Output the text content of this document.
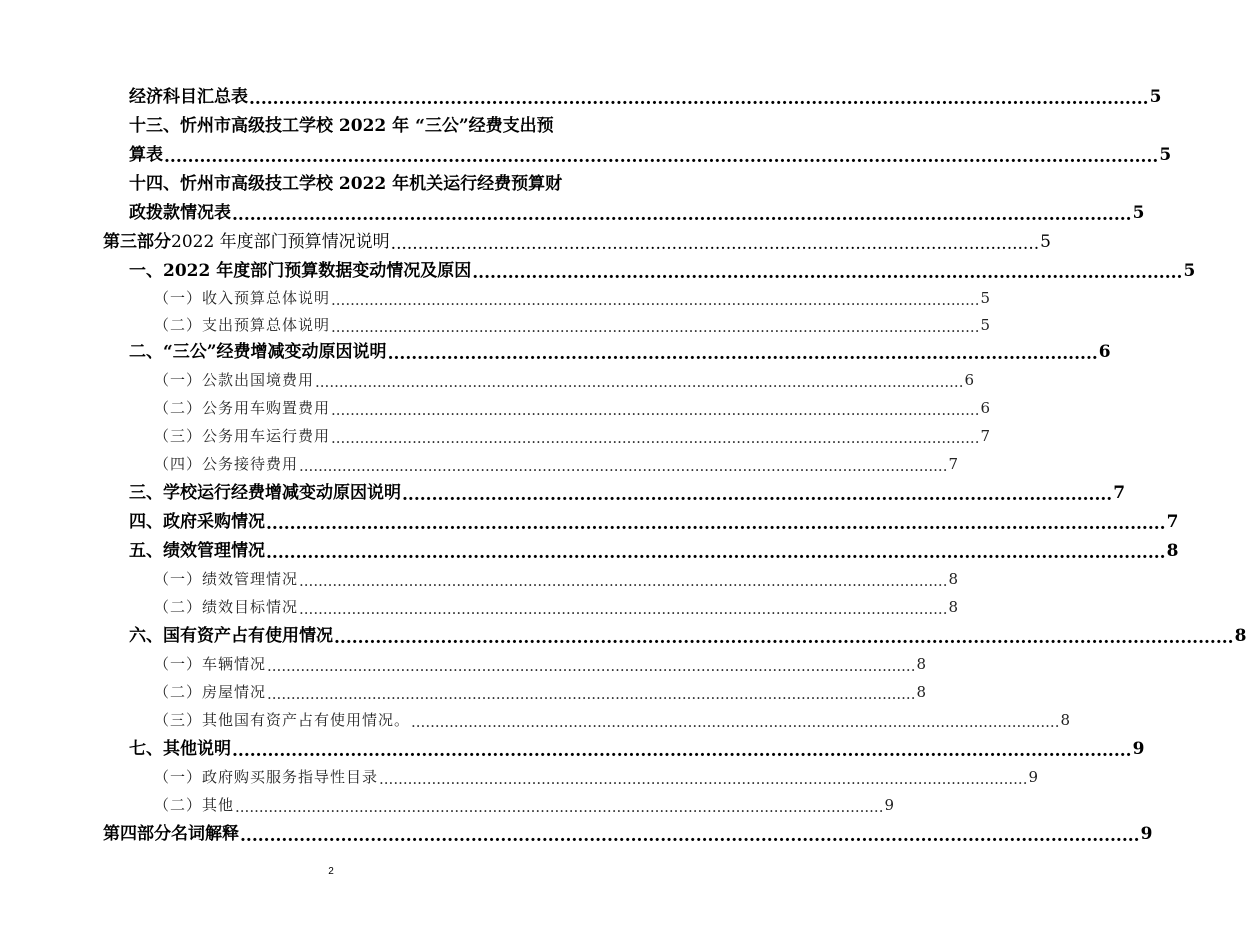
经济科目汇总表 ........................................................................................................................................................ 5
十三、忻州市高级技工学校 2022 年 “三公”经费支出预
算表 ........................................................................................................................................................................ 5
十四、忻州市高级技工学校 2022 年机关运行经费预算财
政拨款情况表 ........................................................................................................................................................ 5
第三部分 2022 年度部门预算情况说明 ........................................................................................................................ 5
一、2022 年度部门预算数据变动情况及原因 ........................................................................................................................ 5
（一）收入预算总体说明 ........................................................................................................................................ 5
（二）支出预算总体说明 ........................................................................................................................................ 5
二、“三公”经费增减变动原因说明 ........................................................................................................................ 6
（一）公款出国境费用 ........................................................................................................................................ 6
（二）公务用车购置费用 ........................................................................................................................................ 6
（三）公务用车运行费用 ........................................................................................................................................ 7
（四）公务接待费用 ........................................................................................................................................ 7
三、学校运行经费增减变动原因说明 ........................................................................................................................ 7
四、政府采购情况 ........................................................................................................................................................ 7
五、绩效管理情况 ........................................................................................................................................................ 8
（一）绩效管理情况 ........................................................................................................................................ 8
（二）绩效目标情况 ........................................................................................................................................ 8
六、国有资产占有使用情况 ........................................................................................................................................................ 8
（一）车辆情况 ........................................................................................................................................ 8
（二）房屋情况 ........................................................................................................................................ 8
（三）其他国有资产占有使用情况。 ........................................................................................................................................ 8
七、其他说明 ........................................................................................................................................................ 9
（一）政府购买服务指导性目录 ........................................................................................................................................ 9
（二）其他 ........................................................................................................................................ 9
第四部分 名词解释 ........................................................................................................................................................ 9
2
